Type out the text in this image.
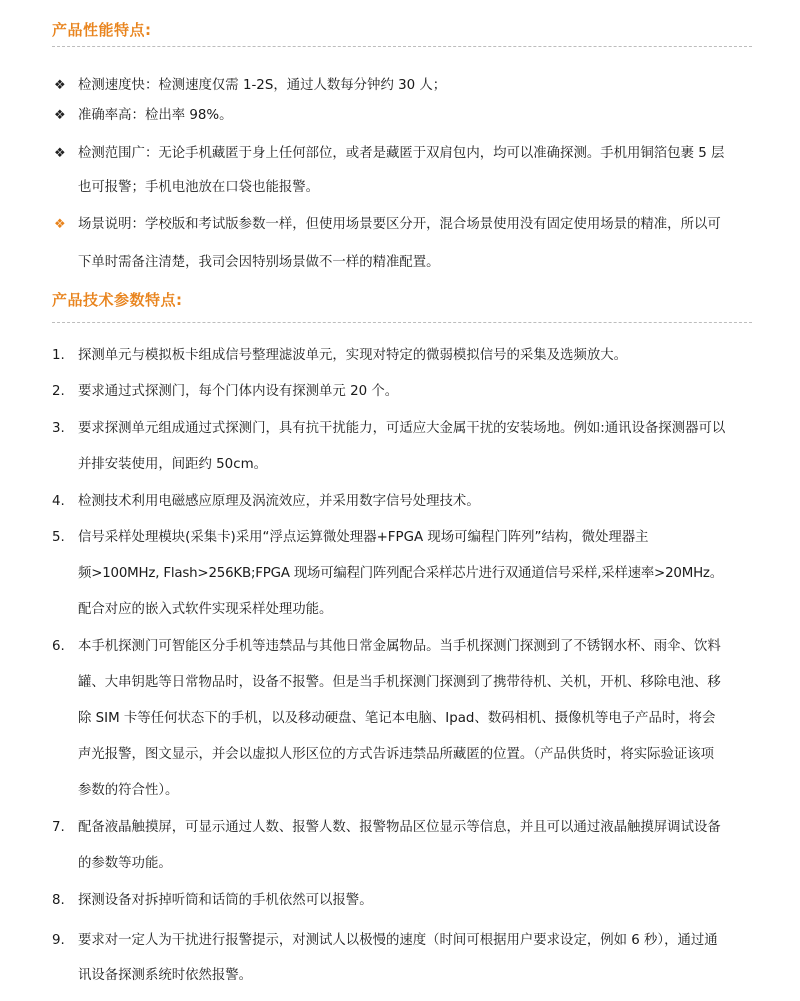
产品性能特点:
❖ 检测速度快：检测速度仅需 1-2S，通过人数每分钟约 30 人；
❖ 准确率高：检出率 98%。
❖ 检测范围广：无论手机藏匿于身上任何部位，或者是藏匿于双肩包内，均可以准确探测。手机用铜箔包裹 5 层
也可报警；手机电池放在口袋也能报警。
❖ 场景说明：学校版和考试版参数一样，但使用场景要区分开，混合场景使用没有固定使用场景的精准，所以可
下单时需备注清楚，我司会因特别场景做不一样的精准配置。
产品技术参数特点:
1. 探测单元与模拟板卡组成信号整理滤波单元，实现对特定的微弱模拟信号的采集及选频放大。
2. 要求通过式探测门，每个门体内设有探测单元 20 个。
3. 要求探测单元组成通过式探测门，具有抗干扰能力，可适应大金属干扰的安装场地。例如:通讯设备探测器可以
并排安装使用，间距约 50cm。
4. 检测技术利用电磁感应原理及涡流效应，并采用数字信号处理技术。
5. 信号采样处理模块(采集卡)采用“浮点运算微处理器+FPGA 现场可编程门阵列”结构，微处理器主
频>100MHz, Flash>256KB;FPGA 现场可编程门阵列配合采样芯片进行双通道信号采样,采样速率>20MHz。
配合对应的嵌入式软件实现采样处理功能。
6. 本手机探测门可智能区分手机等违禁品与其他日常金属物品。当手机探测门探测到了不锈钢水杯、雨伞、饮料
罐、大串钥匙等日常物品时，设备不报警。但是当手机探测门探测到了携带待机、关机，开机、移除电池、移
除 SIM 卡等任何状态下的手机，以及移动硬盘、笔记本电脑、Ipad、数码相机、摄像机等电子产品时，将会
声光报警，图文显示，并会以虚拟人形区位的方式告诉违禁品所藏匿的位置。（产品供货时，将实际验证该项
参数的符合性）。
7. 配备液晶触摸屏，可显示通过人数、报警人数、报警物品区位显示等信息，并且可以通过液晶触摸屏调试设备
的参数等功能。
8. 探测设备对拆掉听筒和话筒的手机依然可以报警。
9. 要求对一定人为干扰进行报警提示，对测试人以极慢的速度（时间可根据用户要求设定，例如 6 秒），通过通
讯设备探测系统时依然报警。
